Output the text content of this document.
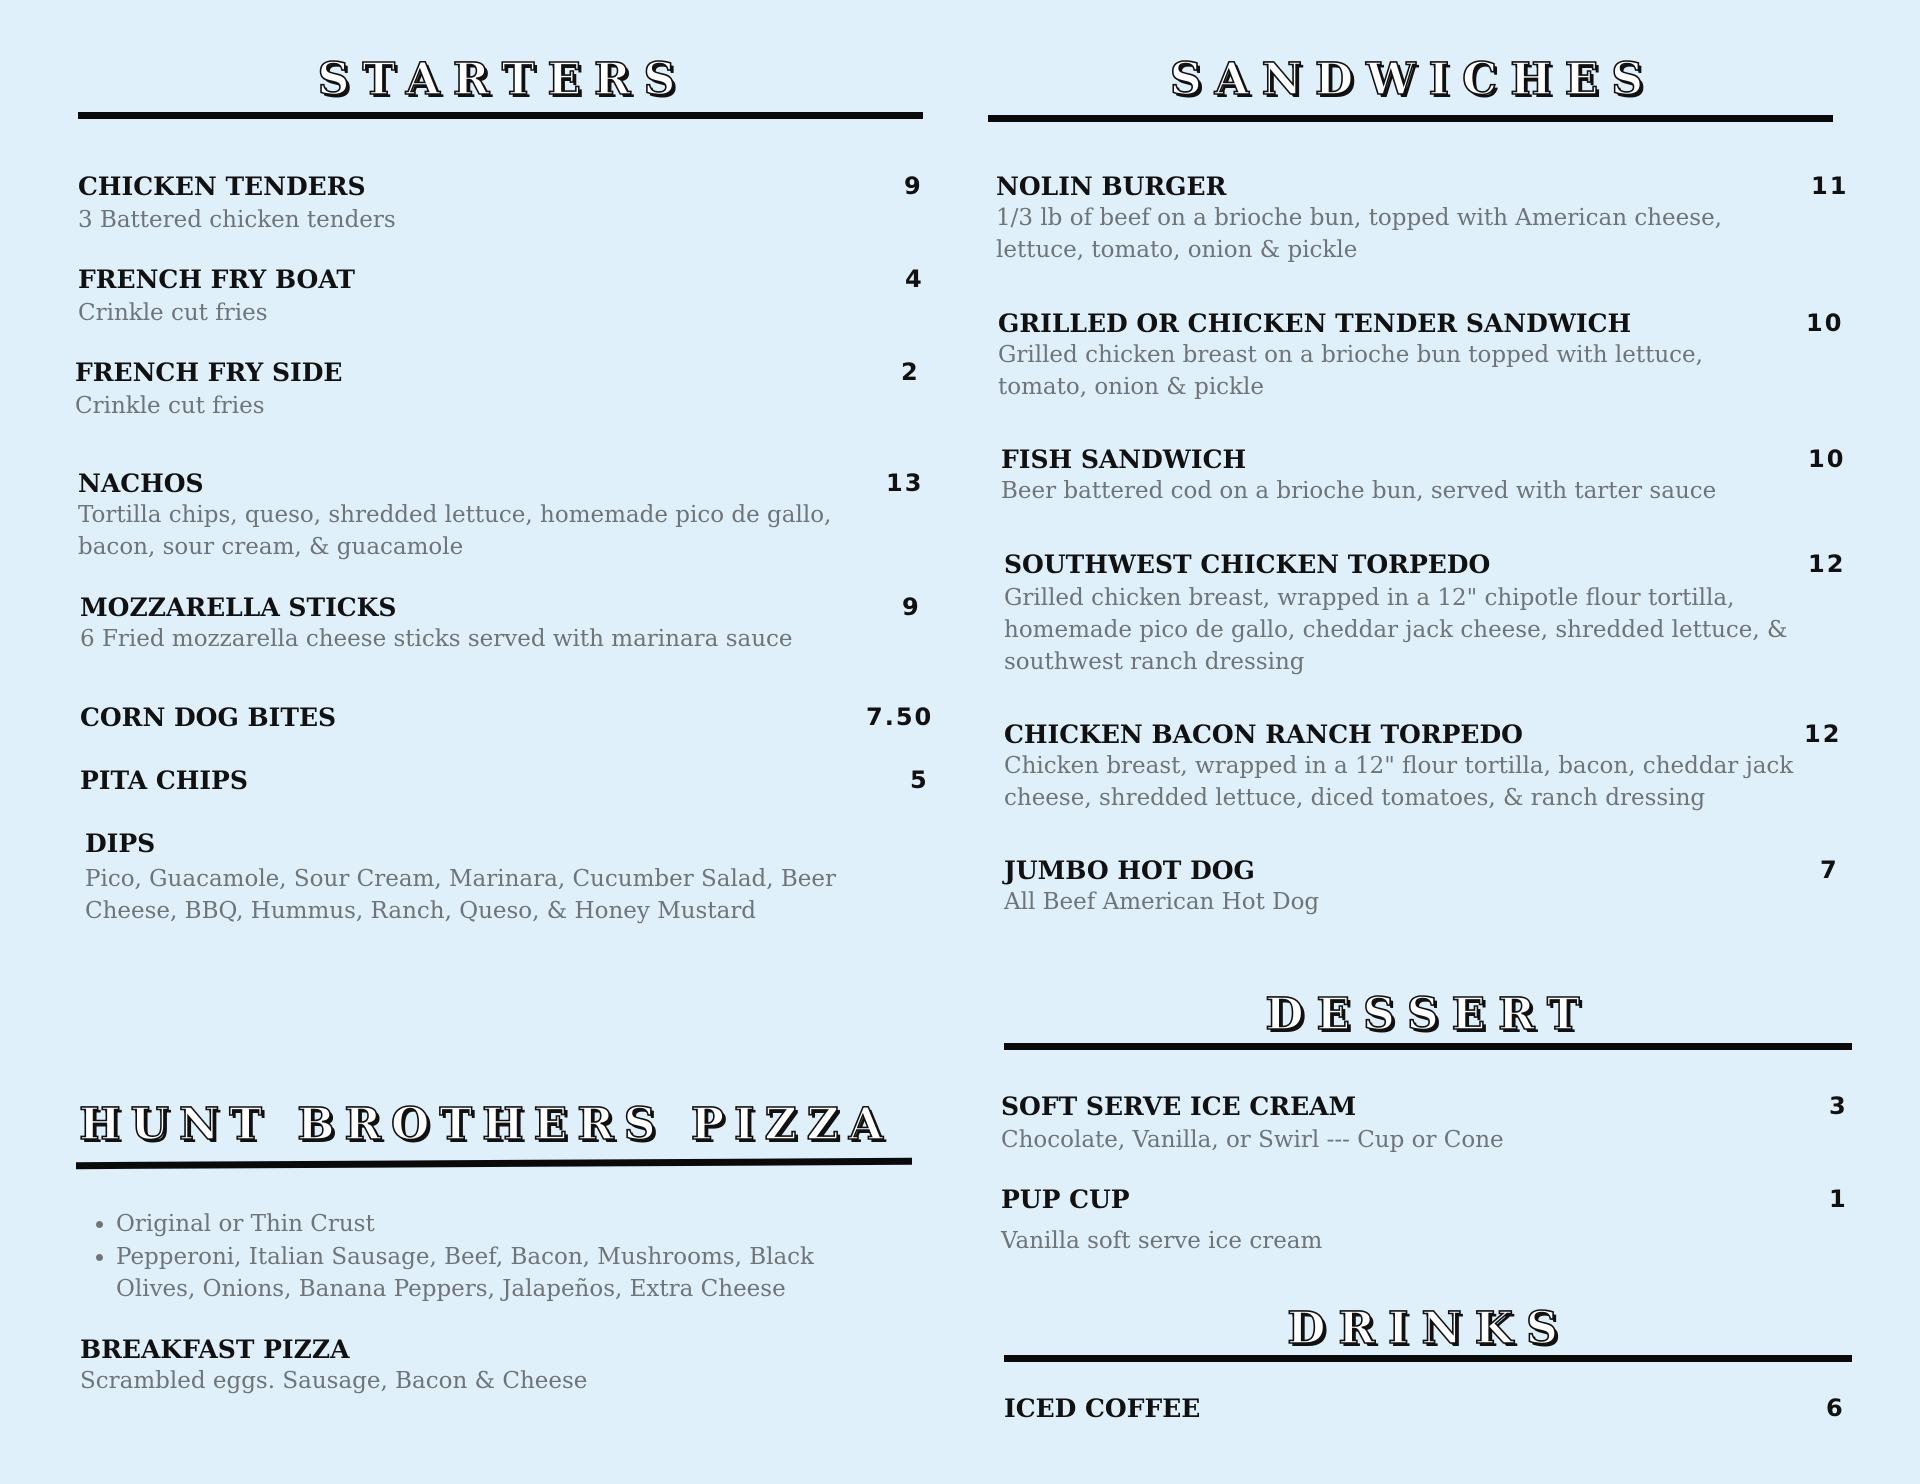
STARTERS
CHICKEN TENDERS	9
3 Battered chicken tenders
FRENCH FRY BOAT	4
Crinkle cut fries
FRENCH FRY SIDE	2
Crinkle cut fries
NACHOS	13
Tortilla chips, queso, shredded lettuce, homemade pico de gallo, bacon, sour cream, & guacamole
MOZZARELLA STICKS	9
6 Fried mozzarella cheese sticks served with marinara sauce
CORN DOG BITES	7.50
PITA CHIPS	5
DIPS
Pico, Guacamole, Sour Cream, Marinara, Cucumber Salad, Beer Cheese, BBQ, Hummus, Ranch, Queso, & Honey Mustard
HUNT BROTHERS PIZZA
• Original or Thin Crust
• Pepperoni, Italian Sausage, Beef, Bacon, Mushrooms, Black Olives, Onions, Banana Peppers, Jalapeños, Extra Cheese
BREAKFAST PIZZA
Scrambled eggs. Sausage, Bacon & Cheese
SANDWICHES
NOLIN BURGER	11
1/3 lb of beef on a brioche bun, topped with American cheese, lettuce, tomato, onion & pickle
GRILLED OR CHICKEN TENDER SANDWICH	10
Grilled chicken breast on a brioche bun topped with lettuce, tomato, onion & pickle
FISH SANDWICH	10
Beer battered cod on a brioche bun, served with tarter sauce
SOUTHWEST CHICKEN TORPEDO	12
Grilled chicken breast, wrapped in a 12" chipotle flour tortilla, homemade pico de gallo, cheddar jack cheese, shredded lettuce, & southwest ranch dressing
CHICKEN BACON RANCH TORPEDO	12
Chicken breast, wrapped in a 12" flour tortilla, bacon, cheddar jack cheese, shredded lettuce, diced tomatoes, & ranch dressing
JUMBO HOT DOG	7
All Beef American Hot Dog
DESSERT
SOFT SERVE ICE CREAM	3
Chocolate, Vanilla, or Swirl --- Cup or Cone
PUP CUP	1
Vanilla soft serve ice cream
DRINKS
ICED COFFEE	6
